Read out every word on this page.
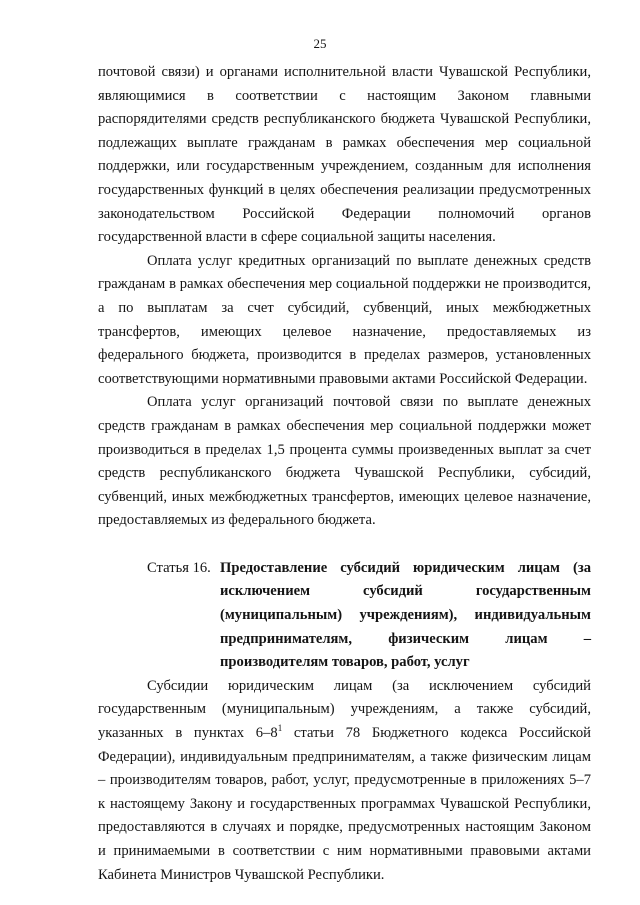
25

почтовой связи) и органами исполнительной власти Чувашской Республики, являющимися в соответствии с настоящим Законом главными распорядителями средств республиканского бюджета Чувашской Республики, подлежащих выплате гражданам в рамках обеспечения мер социальной поддержки, или государственным учреждением, созданным для исполнения государственных функций в целях обеспечения реализации предусмотренных законодательством Российской Федерации полномочий органов государственной власти в сфере социальной защиты населения.

Оплата услуг кредитных организаций по выплате денежных средств гражданам в рамках обеспечения мер социальной поддержки не производится, а по выплатам за счет субсидий, субвенций, иных межбюджетных трансфертов, имеющих целевое назначение, предоставляемых из федерального бюджета, производится в пределах размеров, установленных соответствующими нормативными правовыми актами Российской Федерации.

Оплата услуг организаций почтовой связи по выплате денежных средств гражданам в рамках обеспечения мер социальной поддержки может производиться в пределах 1,5 процента суммы произведенных выплат за счет средств республиканского бюджета Чувашской Республики, субсидий, субвенций, иных межбюджетных трансфертов, имеющих целевое назначение, предоставляемых из федерального бюджета.

Статья 16. Предоставление субсидий юридическим лицам (за исключением субсидий государственным (муниципальным) учреждениям), индивидуальным предпринимателям, физическим лицам – производителям товаров, работ, услуг

Субсидии юридическим лицам (за исключением субсидий государственным (муниципальным) учреждениям, а также субсидий, указанных в пунктах $6-8^1$ статьи 78 Бюджетного кодекса Российской Федерации), индивидуальным предпринимателям, а также физическим лицам – производителям товаров, работ, услуг, предусмотренные в приложениях 5–7 к настоящему Закону и государственных программах Чувашской Республики, предоставляются в случаях и порядке, предусмотренных настоящим Законом и принимаемыми в соответствии с ним нормативными правовыми актами Кабинета Министров Чувашской Республики.
